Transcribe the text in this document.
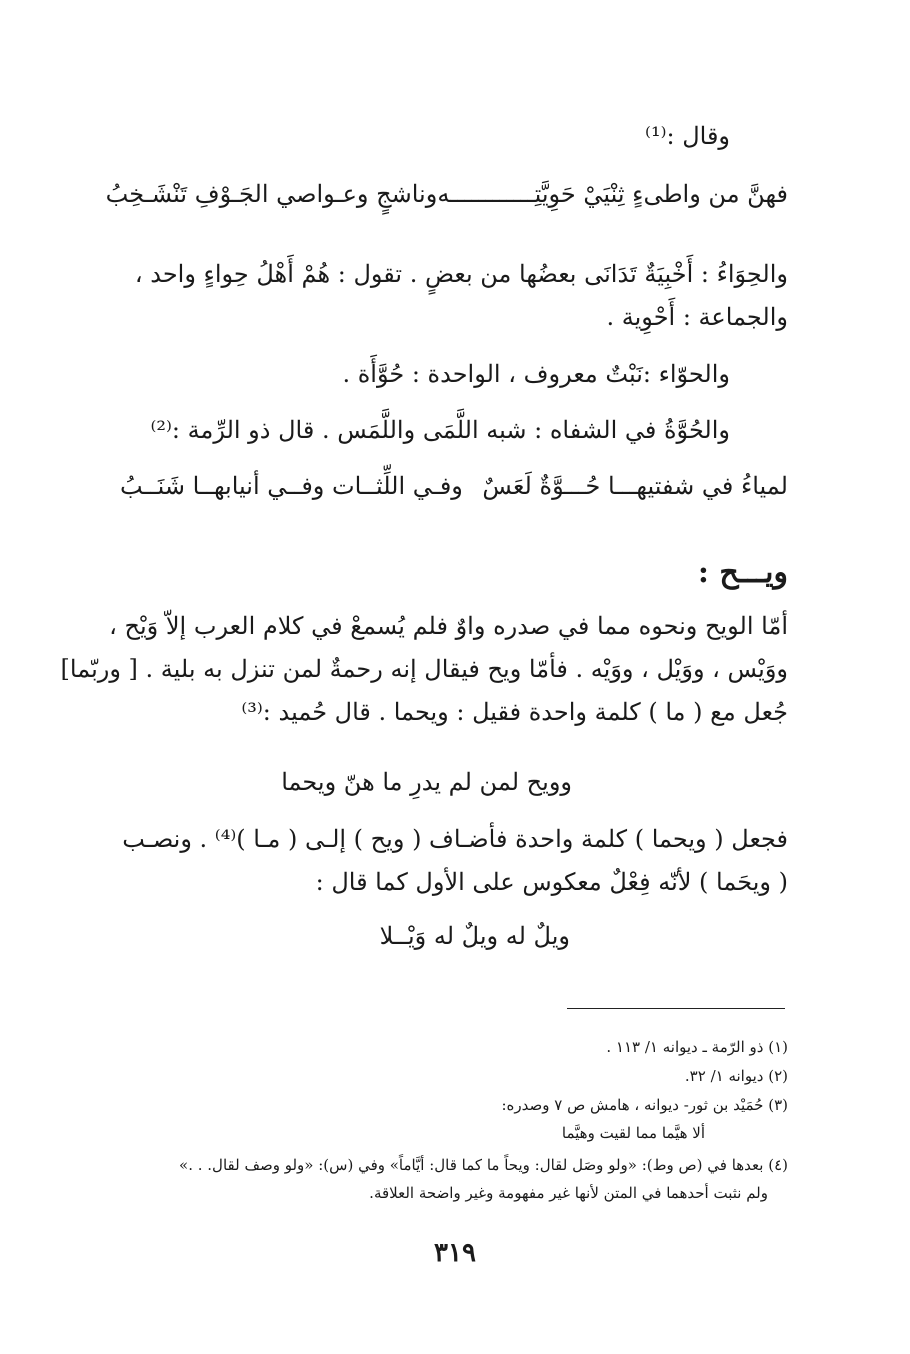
وقال :⁽¹⁾
فهنَّ من واطىءٍ ثِنْيَيْ حَوِيَّتِــــــــــــه
وناشجٍ وعـواصي الجَـوْفِ تَنْشَـخِبُ
والحِوَاءُ : أَخْبِيَةٌ تَدَانَى بعضُها من بعضٍ . تقول : هُمْ أَهْلُ حِواءٍ واحد ،
والجماعة : أَحْوِية .
والحوّاء :نَبْتٌ معروف ، الواحدة : حُوَّأَة .
والحُوَّةُ في الشفاه : شبه اللَّمَى واللَّمَس . قال ذو الرِّمة :⁽²⁾
لمياءُ في شفتيهـــا حُـــوَّةٌ لَعَسٌ
وفـي اللِّثــات وفــي أنيابهــا شَنَــبُ
ويـــح :
أمّا الويح ونحوه مما في صدره واوٌ فلم يُسمعْ في كلام العرب إلاّ وَيْح ،
ووَيْس ، ووَيْل ، ووَيْه . فأمّا ويح فيقال إنه رحمةٌ لمن تنزل به بلية . [ وربّما]
جُعل مع ( ما ) كلمة واحدة فقيل : ويحما . قال حُميد :⁽³⁾
وويح لمن لم يدرِ ما هنّ ويحما
فجعل ( ويحما ) كلمة واحدة فأضـاف ( ويح ) إلـى ( مـا )⁽⁴⁾ . ونصـب
( ويحَما ) لأنّه فِعْلٌ معكوس على الأول كما قال :
ويلٌ له ويلٌ له وَيْــلا
(١) ذو الرّمة ـ ديوانه ١/ ١١٣ .
(٢) ديوانه ١/ ٣٢.
(٣) حُمَيْد بن ثور- ديوانه ، هامش ص ٧ وصدره:
ألا هيَّما مما لقيت وهيَّما
(٤) بعدها في (ص وط): «ولو وصَل لقال: ويحاً ما كما قال: أيَّاماً» وفي (س): «ولو وصف لقال. . .»
ولم نثبت أحدهما في المتن لأنها غير مفهومة وغير واضحة العلاقة.
٣١٩
